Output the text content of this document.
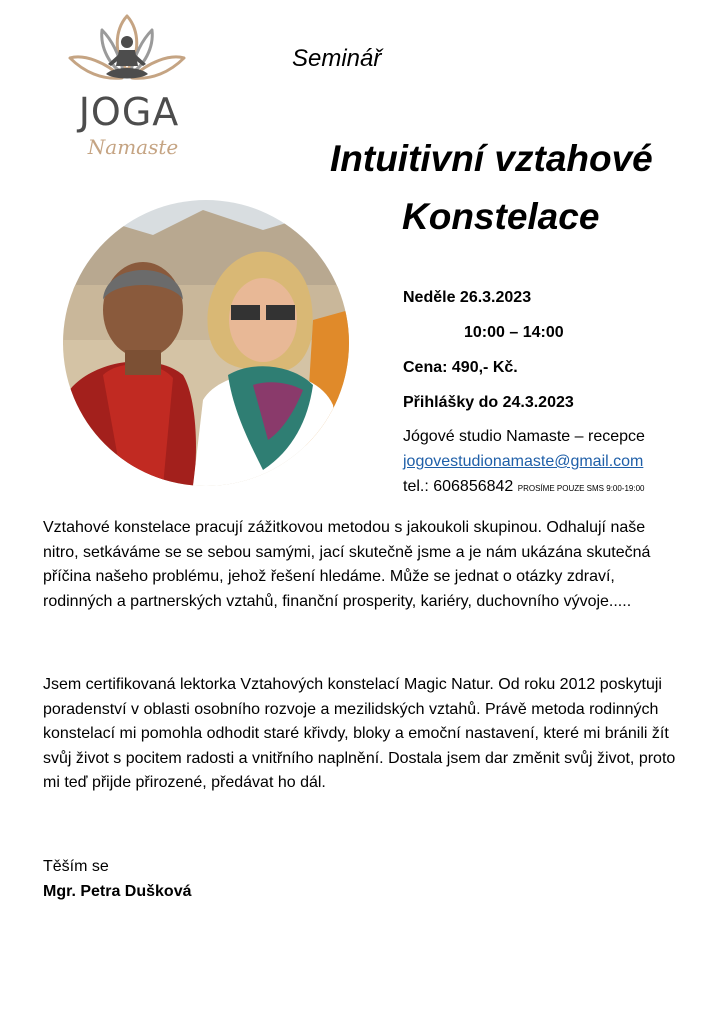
JOGA
Namaste
Seminář
Intuitivní vztahové
Konstelace
Neděle 26.3.2023
10:00 – 14:00
Cena: 490,- Kč.
Přihlášky do 24.3.2023
Jógové studio Namaste – recepce
jogovestudionamaste@gmail.com
tel.: 606856842 PROSÍME POUZE SMS 9:00-19:00
Vztahové konstelace pracují zážitkovou metodou s jakoukoli skupinou. Odhalují naše nitro, setkáváme se se sebou samými, jací skutečně jsme a je nám ukázána skutečná příčina našeho problému, jehož řešení hledáme. Může se jednat o otázky zdraví, rodinných a partnerských vztahů, finanční prosperity, kariéry, duchovního vývoje.....
Jsem certifikovaná lektorka Vztahových konstelací Magic Natur. Od roku 2012 poskytuji poradenství v oblasti osobního rozvoje a mezilidských vztahů. Právě metoda rodinných konstelací mi pomohla odhodit staré křivdy, bloky a emoční nastavení, které mi bránili žít svůj život s pocitem radosti a vnitřního naplnění. Dostala jsem dar změnit svůj život, proto mi teď přijde přirozené, předávat ho dál.
Těším se
Mgr. Petra Dušková
